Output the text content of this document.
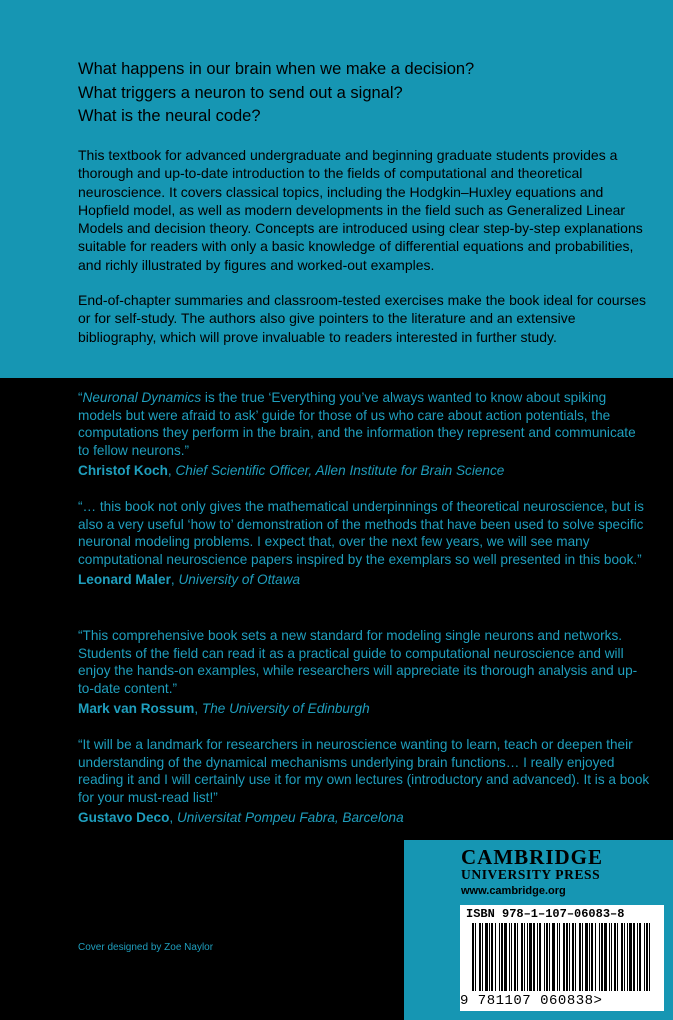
What happens in our brain when we make a decision?
What triggers a neuron to send out a signal?
What is the neural code?

This textbook for advanced undergraduate and beginning graduate students provides a thorough and up-to-date introduction to the fields of computational and theoretical neuroscience. It covers classical topics, including the Hodgkin–Huxley equations and Hopfield model, as well as modern developments in the field such as Generalized Linear Models and decision theory. Concepts are introduced using clear step-by-step explanations suitable for readers with only a basic knowledge of differential equations and probabilities, and richly illustrated by figures and worked-out examples.

End-of-chapter summaries and classroom-tested exercises make the book ideal for courses or for self-study. The authors also give pointers to the literature and an extensive bibliography, which will prove invaluable to readers interested in further study.

“Neuronal Dynamics is the true ‘Everything you’ve always wanted to know about spiking models but were afraid to ask’ guide for those of us who care about action potentials, the computations they perform in the brain, and the information they represent and communicate to fellow neurons.”

Christof Koch, Chief Scientific Officer, Allen Institute for Brain Science

“… this book not only gives the mathematical underpinnings of theoretical neuroscience, but is also a very useful ‘how to’ demonstration of the methods that have been used to solve specific neuronal modeling problems. I expect that, over the next few years, we will see many computational neuroscience papers inspired by the exemplars so well presented in this book.”

Leonard Maler, University of Ottawa

“This comprehensive book sets a new standard for modeling single neurons and networks. Students of the field can read it as a practical guide to computational neuroscience and will enjoy the hands-on examples, while researchers will appreciate its thorough analysis and up-to-date content.”

Mark van Rossum, The University of Edinburgh

“It will be a landmark for researchers in neuroscience wanting to learn, teach or deepen their understanding of the dynamical mechanisms underlying brain functions… I really enjoyed reading it and I will certainly use it for my own lectures (introductory and advanced). It is a book for your must-read list!”

Gustavo Deco, Universitat Pompeu Fabra, Barcelona

Cover designed by Zoe Naylor
CAMBRIDGE
UNIVERSITY PRESS
www.cambridge.org
ISBN 978–1–107–06083–8
9 781107 060838>
